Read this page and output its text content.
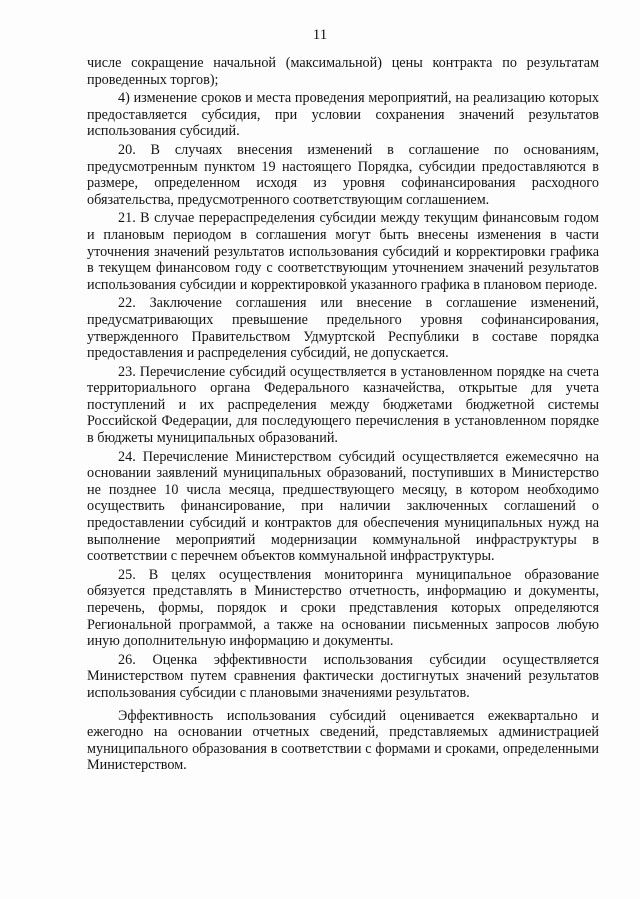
11

числе сокращение начальной (максимальной) цены контракта по результатам проведенных торгов);

4) изменение сроков и места проведения мероприятий, на реализацию которых предоставляется субсидия, при условии сохранения значений результатов использования субсидий.

20. В случаях внесения изменений в соглашение по основаниям, предусмотренным пунктом 19 настоящего Порядка, субсидии предоставляются в размере, определенном исходя из уровня софинансирования расходного обязательства, предусмотренного соответствующим соглашением.

21. В случае перераспределения субсидии между текущим финансовым годом и плановым периодом в соглашения могут быть внесены изменения в части уточнения значений результатов использования субсидий и корректировки графика в текущем финансовом году с соответствующим уточнением значений результатов использования субсидии и корректировкой указанного графика в плановом периоде.

22. Заключение соглашения или внесение в соглашение изменений, предусматривающих превышение предельного уровня софинансирования, утвержденного Правительством Удмуртской Республики в составе порядка предоставления и распределения субсидий, не допускается.

23. Перечисление субсидий осуществляется в установленном порядке на счета территориального органа Федерального казначейства, открытые для учета поступлений и их распределения между бюджетами бюджетной системы Российской Федерации, для последующего перечисления в установленном порядке в бюджеты муниципальных образований.

24. Перечисление Министерством субсидий осуществляется ежемесячно на основании заявлений муниципальных образований, поступивших в Министерство не позднее 10 числа месяца, предшествующего месяцу, в котором необходимо осуществить финансирование, при наличии заключенных соглашений о предоставлении субсидий и контрактов для обеспечения муниципальных нужд на выполнение мероприятий модернизации коммунальной инфраструктуры в соответствии с перечнем объектов коммунальной инфраструктуры.

25. В целях осуществления мониторинга муниципальное образование обязуется представлять в Министерство отчетность, информацию и документы, перечень, формы, порядок и сроки представления которых определяются Региональной программой, а также на основании письменных запросов любую иную дополнительную информацию и документы.

26. Оценка эффективности использования субсидии осуществляется Министерством путем сравнения фактически достигнутых значений результатов использования субсидии с плановыми значениями результатов.

Эффективность использования субсидий оценивается ежеквартально и ежегодно на основании отчетных сведений, представляемых администрацией муниципального образования в соответствии с формами и сроками, определенными Министерством.
